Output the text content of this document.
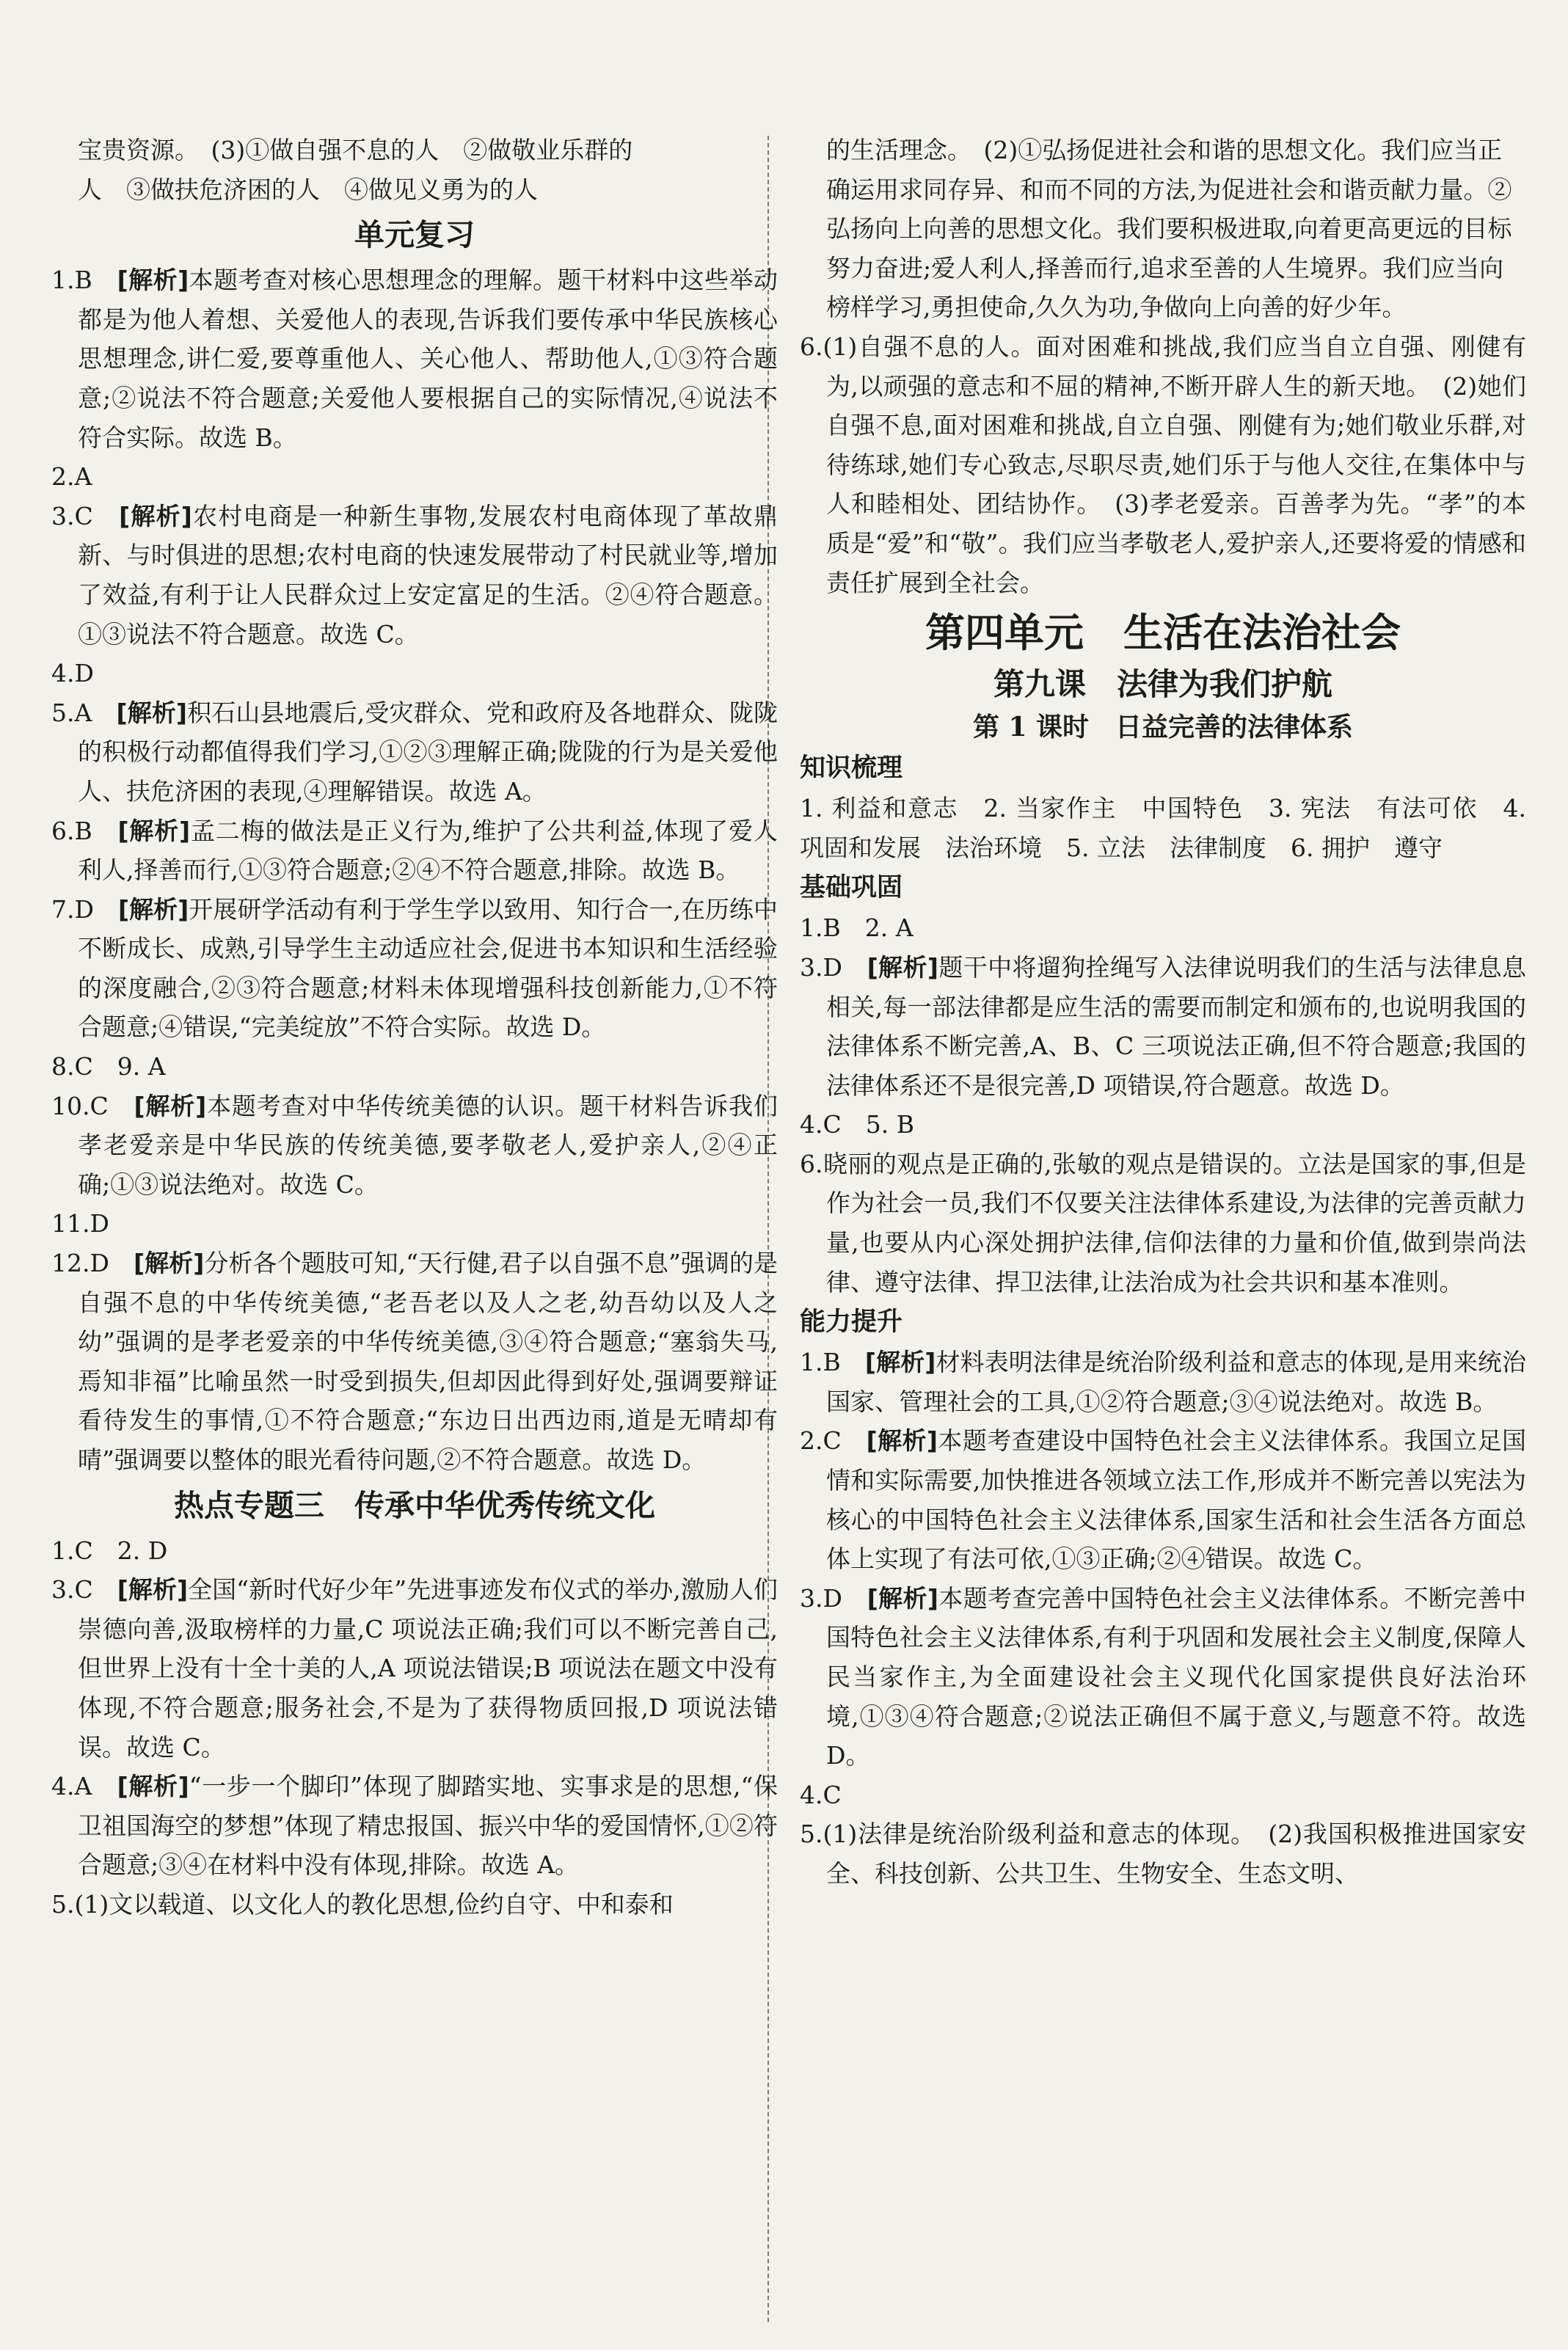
宝贵资源。　(3)①做自强不息的人　②做敬业乐群的

人　③做扶危济困的人　④做见义勇为的人

单元复习

1.B　[解析]本题考查对核心思想理念的理解。题干材料中这些举动都是为他人着想、关爱他人的表现,告诉我们要传承中华民族核心思想理念,讲仁爱,要尊重他人、关心他人、帮助他人,①③符合题意;②说法不符合题意;关爱他人要根据自己的实际情况,④说法不符合实际。故选 B。

2.A

3.C　[解析]农村电商是一种新生事物,发展农村电商体现了革故鼎新、与时俱进的思想;农村电商的快速发展带动了村民就业等,增加了效益,有利于让人民群众过上安定富足的生活。②④符合题意。①③说法不符合题意。故选 C。

4.D

5.A　[解析]积石山县地震后,受灾群众、党和政府及各地群众、陇陇的积极行动都值得我们学习,①②③理解正确;陇陇的行为是关爱他人、扶危济困的表现,④理解错误。故选 A。

6.B　[解析]孟二梅的做法是正义行为,维护了公共利益,体现了爱人利人,择善而行,①③符合题意;②④不符合题意,排除。故选 B。

7.D　[解析]开展研学活动有利于学生学以致用、知行合一,在历练中不断成长、成熟,引导学生主动适应社会,促进书本知识和生活经验的深度融合,②③符合题意;材料未体现增强科技创新能力,①不符合题意;④错误,“完美绽放”不符合实际。故选 D。

8.C　9. A

10.C　[解析]本题考查对中华传统美德的认识。题干材料告诉我们孝老爱亲是中华民族的传统美德,要孝敬老人,爱护亲人,②④正确;①③说法绝对。故选 C。

11.D

12.D　[解析]分析各个题肢可知,“天行健,君子以自强不息”强调的是自强不息的中华传统美德,“老吾老以及人之老,幼吾幼以及人之幼”强调的是孝老爱亲的中华传统美德,③④符合题意;“塞翁失马,焉知非福”比喻虽然一时受到损失,但却因此得到好处,强调要辩证看待发生的事情,①不符合题意;“东边日出西边雨,道是无晴却有晴”强调要以整体的眼光看待问题,②不符合题意。故选 D。

热点专题三　传承中华优秀传统文化

1.C　2. D

3.C　[解析]全国“新时代好少年”先进事迹发布仪式的举办,激励人们崇德向善,汲取榜样的力量,C 项说法正确;我们可以不断完善自己,但世界上没有十全十美的人,A 项说法错误;B 项说法在题文中没有体现,不符合题意;服务社会,不是为了获得物质回报,D 项说法错误。故选 C。

4.A　[解析]“一步一个脚印”体现了脚踏实地、实事求是的思想,“保卫祖国海空的梦想”体现了精忠报国、振兴中华的爱国情怀,①②符合题意;③④在材料中没有体现,排除。故选 A。

5.(1)文以载道、以文化人的教化思想,俭约自守、中和泰和

的生活理念。　(2)①弘扬促进社会和谐的思想文化。我们应当正确运用求同存异、和而不同的方法,为促进社会和谐贡献力量。②弘扬向上向善的思想文化。我们要积极进取,向着更高更远的目标努力奋进;爱人利人,择善而行,追求至善的人生境界。我们应当向榜样学习,勇担使命,久久为功,争做向上向善的好少年。

6.(1)自强不息的人。面对困难和挑战,我们应当自立自强、刚健有为,以顽强的意志和不屈的精神,不断开辟人生的新天地。　(2)她们自强不息,面对困难和挑战,自立自强、刚健有为;她们敬业乐群,对待练球,她们专心致志,尽职尽责,她们乐于与他人交往,在集体中与人和睦相处、团结协作。　(3)孝老爱亲。百善孝为先。“孝”的本质是“爱”和“敬”。我们应当孝敬老人,爱护亲人,还要将爱的情感和责任扩展到全社会。

第四单元　生活在法治社会
第九课　法律为我们护航
第 1 课时　日益完善的法律体系
知识梳理

1. 利益和意志　2. 当家作主　中国特色　3. 宪法　有法可依　4. 巩固和发展　法治环境　5. 立法　法律制度　6. 拥护　遵守

基础巩固

1.B　2. A

3.D　[解析]题干中将遛狗拴绳写入法律说明我们的生活与法律息息相关,每一部法律都是应生活的需要而制定和颁布的,也说明我国的法律体系不断完善,A、B、C 三项说法正确,但不符合题意;我国的法律体系还不是很完善,D 项错误,符合题意。故选 D。

4.C　5. B

6.晓丽的观点是正确的,张敏的观点是错误的。立法是国家的事,但是作为社会一员,我们不仅要关注法律体系建设,为法律的完善贡献力量,也要从内心深处拥护法律,信仰法律的力量和价值,做到崇尚法律、遵守法律、捍卫法律,让法治成为社会共识和基本准则。

能力提升

1.B　[解析]材料表明法律是统治阶级利益和意志的体现,是用来统治国家、管理社会的工具,①②符合题意;③④说法绝对。故选 B。

2.C　[解析]本题考查建设中国特色社会主义法律体系。我国立足国情和实际需要,加快推进各领域立法工作,形成并不断完善以宪法为核心的中国特色社会主义法律体系,国家生活和社会生活各方面总体上实现了有法可依,①③正确;②④错误。故选 C。

3.D　[解析]本题考查完善中国特色社会主义法律体系。不断完善中国特色社会主义法律体系,有利于巩固和发展社会主义制度,保障人民当家作主,为全面建设社会主义现代化国家提供良好法治环境,①③④符合题意;②说法正确但不属于意义,与题意不符。故选 D。

4.C

5.(1)法律是统治阶级利益和意志的体现。　(2)我国积极推进国家安全、科技创新、公共卫生、生物安全、生态文明、
